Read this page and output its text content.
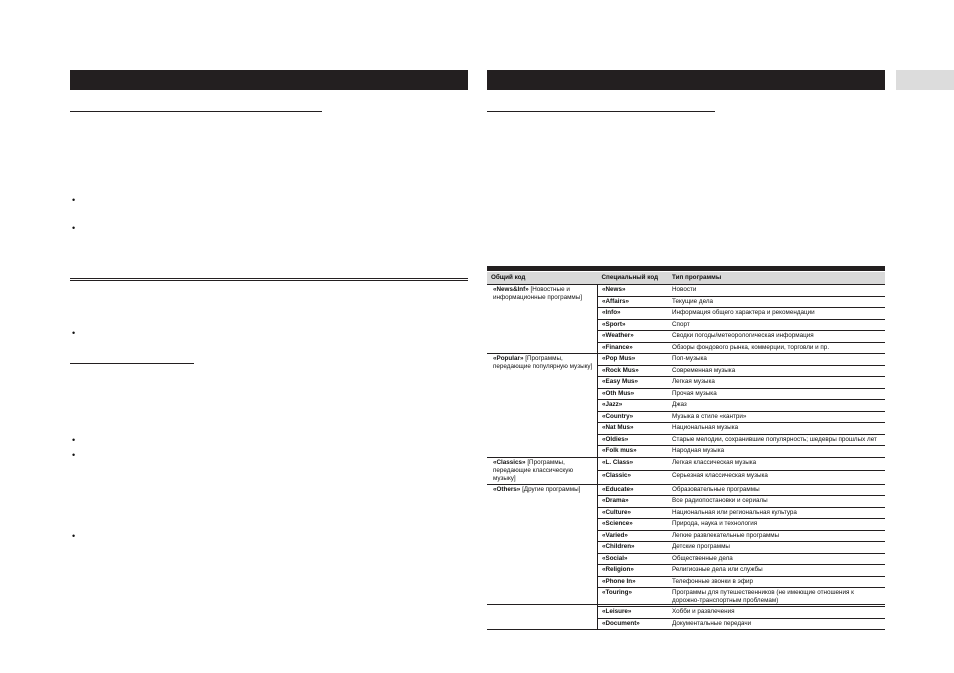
•
•
•
•
•
•
Общий код	Специальный код	Тип программы
«News&Inf» [Новостные и информационные программы]	«News»	Новости
	«Affairs»	Текущие дела
	«Info»	Информация общего характера и рекомендации
	«Sport»	Спорт
	«Weather»	Сводки погоды/метеорологическая информация
	«Finance»	Обзоры фондового рынка, коммерции, торговли и пр.
«Popular» [Программы, передающие популярную музыку]	«Pop Mus»	Поп-музыка
	«Rock Mus»	Современная музыка
	«Easy Mus»	Легкая музыка
	«Oth Mus»	Прочая музыка
	«Jazz»	Джаз
	«Country»	Музыка в стиле «кантри»
	«Nat Mus»	Национальная музыка
	«Oldies»	Старые мелодии, сохранившие популярность; шедевры прошлых лет
	«Folk mus»	Народная музыка
«Classics» [Программы, передающие классическую музыку]	«L. Class»	Легкая классическая музыка
	«Classic»	Серьезная классическая музыка
«Others» [Другие программы]	«Educate»	Образовательные программы
	«Drama»	Все радиопостановки и сериалы
	«Culture»	Национальная или региональная культура
	«Science»	Природа, наука и технология
	«Varied»	Легкие развлекательные программы
	«Children»	Детские программы
	«Social»	Общественные дела
	«Religion»	Религиозные дела или службы
	«Phone In»	Телефонные звонки в эфир
	«Touring»	Программы для путешественников (не имеющие отношения к дорожно-транспортным проблемам)
	«Leisure»	Хобби и развлечения
	«Document»	Документальные передачи
